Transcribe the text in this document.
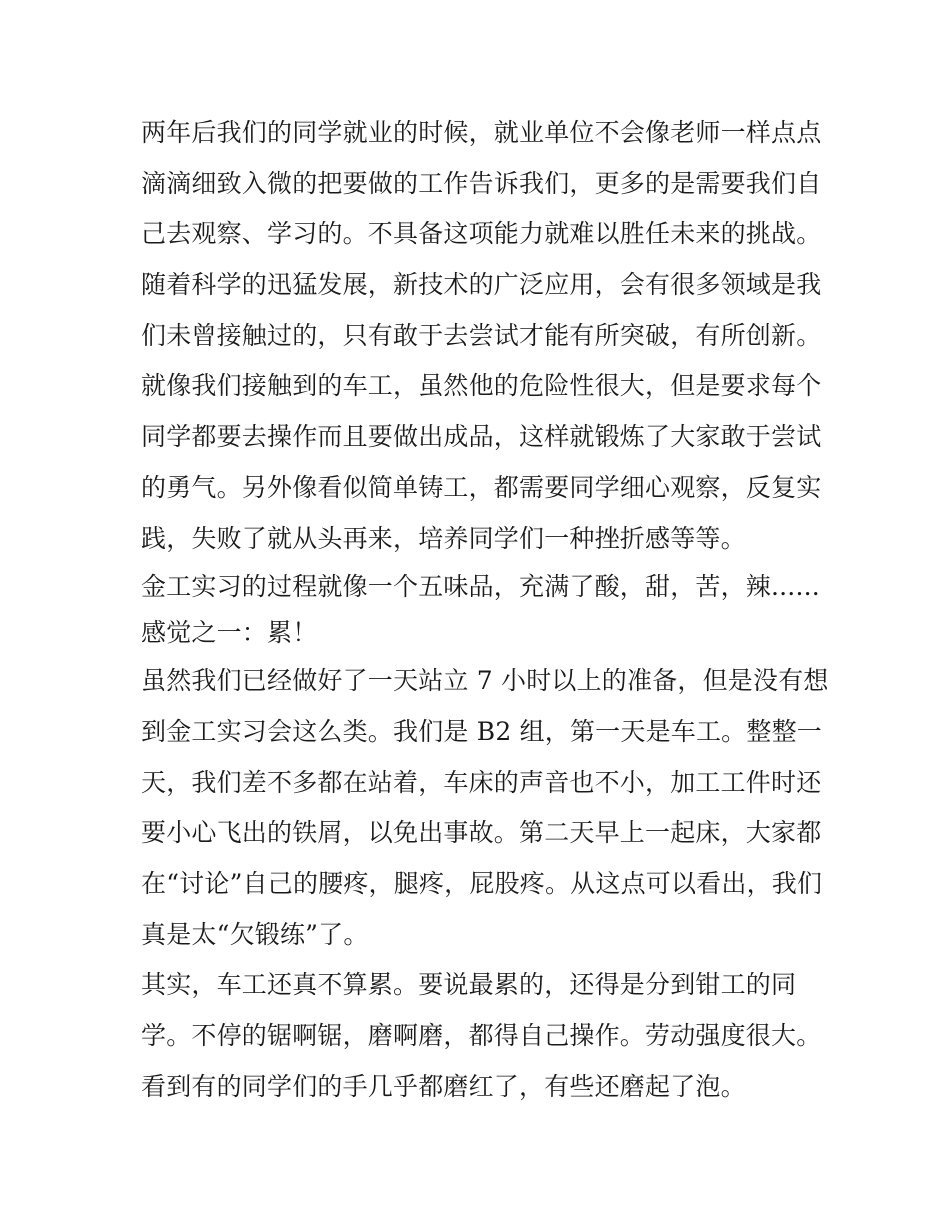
两年后我们的同学就业的时候，就业单位不会像老师一样点点
滴滴细致入微的把要做的工作告诉我们，更多的是需要我们自
己去观察、学习的。不具备这项能力就难以胜任未来的挑战。
随着科学的迅猛发展，新技术的广泛应用，会有很多领域是我
们未曾接触过的，只有敢于去尝试才能有所突破，有所创新。
就像我们接触到的车工，虽然他的危险性很大，但是要求每个
同学都要去操作而且要做出成品，这样就锻炼了大家敢于尝试
的勇气。另外像看似简单铸工，都需要同学细心观察，反复实
践，失败了就从头再来，培养同学们一种挫折感等等。
金工实习的过程就像一个五味品，充满了酸，甜，苦，辣......
感觉之一：累！
虽然我们已经做好了一天站立 7 小时以上的准备，但是没有想
到金工实习会这么类。我们是 B2 组，第一天是车工。整整一
天，我们差不多都在站着，车床的声音也不小，加工工件时还
要小心飞出的铁屑，以免出事故。第二天早上一起床，大家都
在“讨论”自己的腰疼，腿疼，屁股疼。从这点可以看出，我们
真是太“欠锻练”了。
其实，车工还真不算累。要说最累的，还得是分到钳工的同
学。不停的锯啊锯，磨啊磨，都得自己操作。劳动强度很大。
看到有的同学们的手几乎都磨红了，有些还磨起了泡。
